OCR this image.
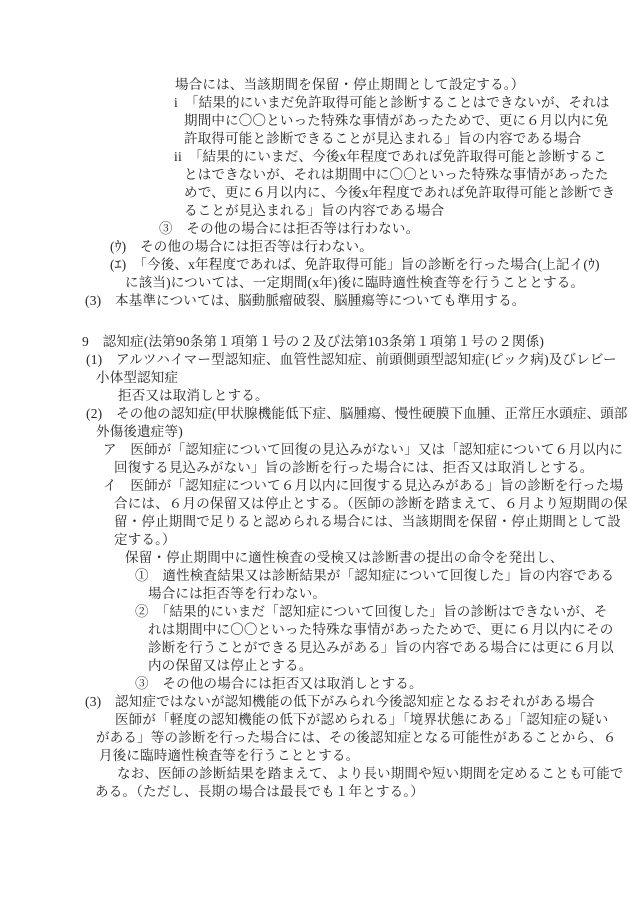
場合には、当該期間を保留・停止期間として設定する。）
i　「結果的にいまだ免許取得可能と診断することはできないが、それは
期間中に〇〇といった特殊な事情があったためで、更に６月以内に免
許取得可能と診断できることが見込まれる」旨の内容である場合
ii　「結果的にいまだ、今後x年程度であれば免許取得可能と診断するこ
とはできないが、それは期間中に〇〇といった特殊な事情があったた
めで、更に６月以内に、今後x年程度であれば免許取得可能と診断でき
ることが見込まれる」旨の内容である場合
③　その他の場合には拒否等は行わない。
(ｳ)　その他の場合には拒否等は行わない。
(ｴ)　「今後、x年程度であれば、免許取得可能」旨の診断を行った場合(上記イ(ｳ)
に該当)については、一定期間(x年)後に臨時適性検査等を行うこととする。
(3)　本基準については、脳動脈瘤破裂、脳腫瘍等についても準用する。
9　認知症(法第90条第１項第１号の２及び法第103条第１項第１号の２関係)
(1)　アルツハイマー型認知症、血管性認知症、前頭側頭型認知症(ピック病)及びレビー
小体型認知症
拒否又は取消しとする。
(2)　その他の認知症(甲状腺機能低下症、脳腫瘍、慢性硬膜下血腫、正常圧水頭症、頭部
外傷後遺症等)
ア　医師が「認知症について回復の見込みがない」又は「認知症について６月以内に
回復する見込みがない」旨の診断を行った場合には、拒否又は取消しとする。
イ　医師が「認知症について６月以内に回復する見込みがある」旨の診断を行った場
合には、６月の保留又は停止とする。（医師の診断を踏まえて、６月より短期間の保
留・停止期間で足りると認められる場合には、当該期間を保留・停止期間として設
定する。）
保留・停止期間中に適性検査の受検又は診断書の提出の命令を発出し、
①　適性検査結果又は診断結果が「認知症について回復した」旨の内容である
場合には拒否等を行わない。
②　「結果的にいまだ「認知症について回復した」旨の診断はできないが、そ
れは期間中に〇〇といった特殊な事情があったためで、更に６月以内にその
診断を行うことができる見込みがある」旨の内容である場合には更に６月以
内の保留又は停止とする。
③　その他の場合には拒否又は取消しとする。
(3)　認知症ではないが認知機能の低下がみられ今後認知症となるおそれがある場合
医師が「軽度の認知機能の低下が認められる」「境界状態にある」「認知症の疑い
がある」等の診断を行った場合には、その後認知症となる可能性があることから、６
月後に臨時適性検査等を行うこととする。
なお、医師の診断結果を踏まえて、より長い期間や短い期間を定めることも可能で
ある。（ただし、長期の場合は最長でも１年とする。）
